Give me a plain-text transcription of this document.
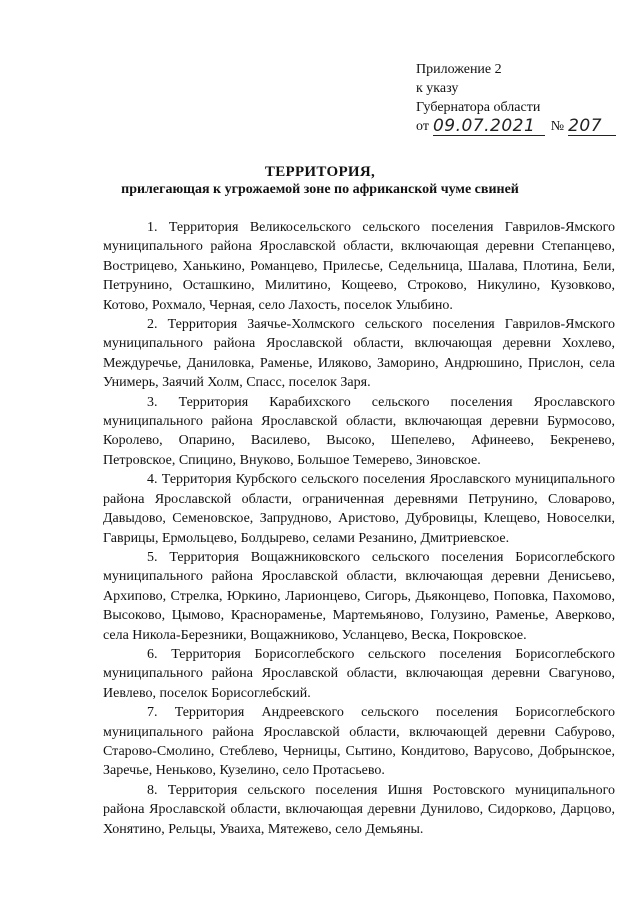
Приложение 2
к указу
Губернатора области
от 09.07.2021	№ 207
ТЕРРИТОРИЯ,
прилегающая к угрожаемой зоне по африканской чуме свиней

1. Территория Великосельского сельского поселения Гаврилов-Ямского муниципального района Ярославской области, включающая деревни Степанцево, Вострицево, Ханькино, Романцево, Прилесье, Седельница, Шалава, Плотина, Бели, Петрунино, Осташкино, Милитино, Кощеево, Строково, Никулино, Кузовково, Котово, Рохмало, Черная, село Лахость, поселок Улыбино.

2. Территория Заячье-Холмского сельского поселения Гаврилов-Ямского муниципального района Ярославской области, включающая деревни Хохлево, Междуречье, Даниловка, Раменье, Иляково, Заморино, Андрюшино, Прислон, села Унимерь, Заячий Холм, Спасс, поселок Заря.

3. Территория Карабихского сельского поселения Ярославского муниципального района Ярославской области, включающая деревни Бурмосово, Королево, Опарино, Василево, Высоко, Шепелево, Афинеево, Бекренево, Петровское, Спицино, Внуково, Большое Темерево, Зиновское.

4. Территория Курбского сельского поселения Ярославского муниципального района Ярославской области, ограниченная деревнями Петрунино, Словарово, Давыдово, Семеновское, Запрудново, Аристово, Дубровицы, Клещево, Новоселки, Гаврицы, Ермольцево, Болдырево, селами Резанино, Дмитриевское.

5. Территория Вощажниковского сельского поселения Борисоглебского муниципального района Ярославской области, включающая деревни Денисьево, Архипово, Стрелка, Юркино, Ларионцево, Сигорь, Дьяконцево, Поповка, Пахомово, Высоково, Цымово, Краснораменье, Мартемьяново, Голузино, Раменье, Аверково, села Никола-Березники, Вощажниково, Усланцево, Веска, Покровское.

6. Территория Борисоглебского сельского поселения Борисоглебского муниципального района Ярославской области, включающая деревни Свагуново, Иевлево, поселок Борисоглебский.

7. Территория Андреевского сельского поселения Борисоглебского муниципального района Ярославской области, включающей деревни Сабурово, Старово-Смолино, Стеблево, Черницы, Сытино, Кондитово, Варусово, Добрынское, Заречье, Неньково, Кузелино, село Протасьево.

8. Территория сельского поселения Ишня Ростовского муниципального района Ярославской области, включающая деревни Дунилово, Сидорково, Дарцово, Хонятино, Рельцы, Уваиха, Мятежево, село Демьяны.
